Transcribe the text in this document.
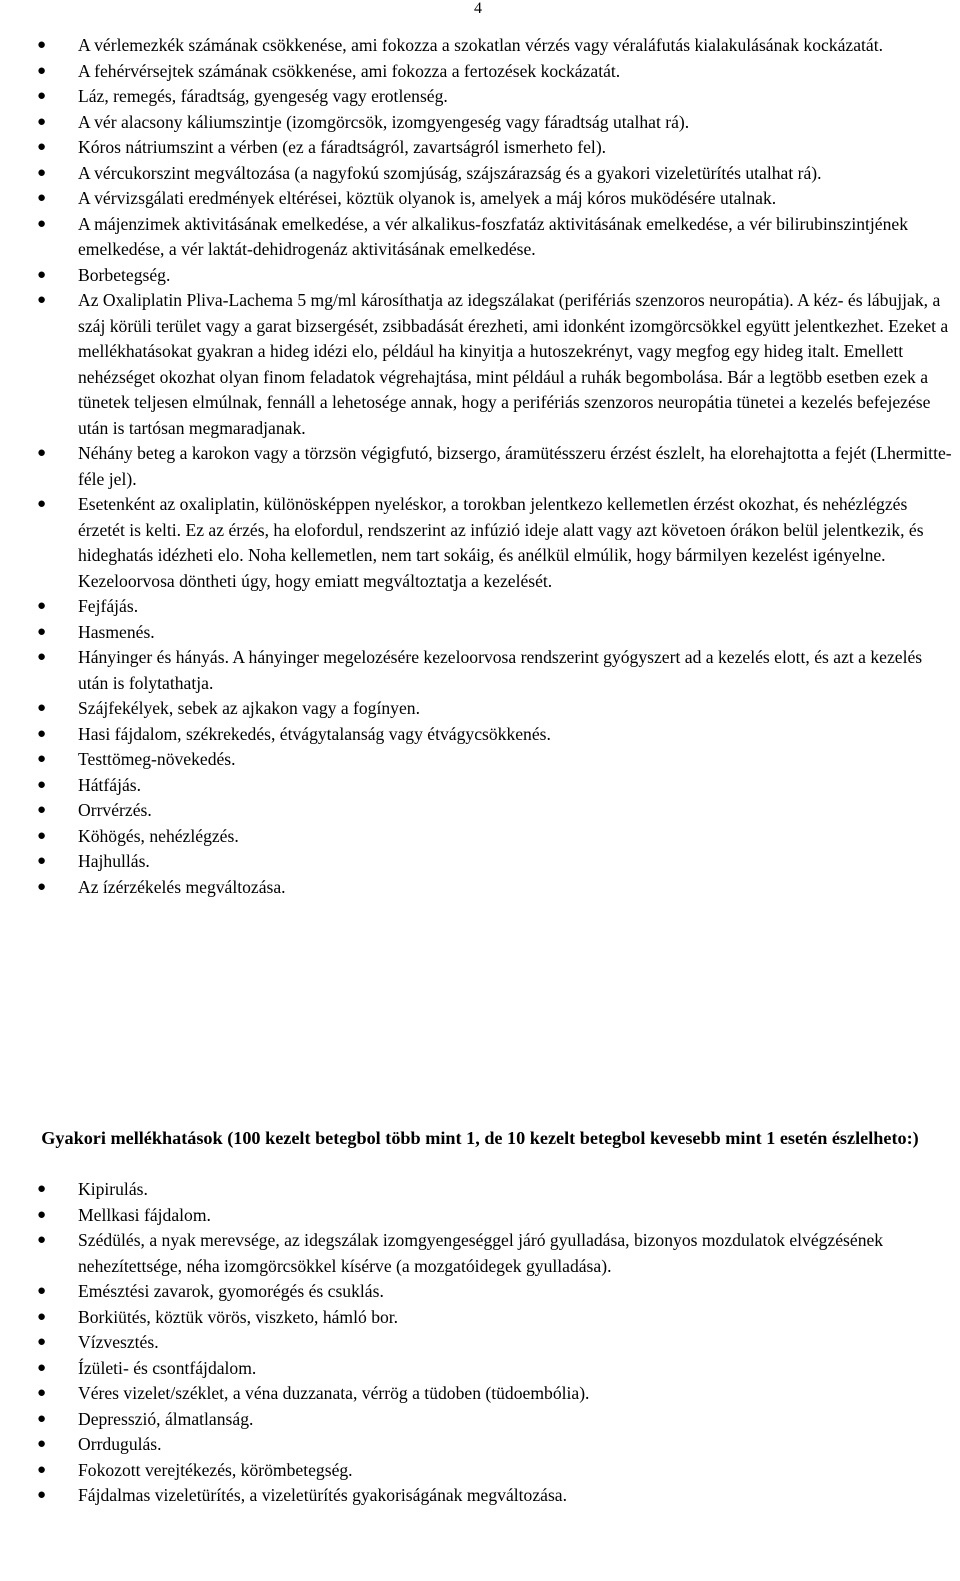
4
● A vérlemezkék számának csökkenése, ami fokozza a szokatlan vérzés vagy véraláfutás kialakulásának kockázatát.
● A fehérvérsejtek számának csökkenése, ami fokozza a fertozések kockázatát.
● Láz, remegés, fáradtság, gyengeség vagy erotlenség.
● A vér alacsony káliumszintje (izomgörcsök, izomgyengeség vagy fáradtság utalhat rá).
● Kóros nátriumszint a vérben (ez a fáradtságról, zavartságról ismerheto fel).
● A vércukorszint megváltozása (a nagyfokú szomjúság, szájszárazság és a gyakori vizeletürítés utalhat rá).
● A vérvizsgálati eredmények eltérései, köztük olyanok is, amelyek a máj kóros muködésére utalnak.
● A májenzimek aktivitásának emelkedése, a vér alkalikus-foszfatáz aktivitásának emelkedése, a vér bilirubinszintjének emelkedése, a vér laktát-dehidrogenáz aktivitásának emelkedése.
● Borbetegség.
● Az Oxaliplatin Pliva-Lachema 5 mg/ml károsíthatja az idegszálakat (perifériás szenzoros neuropátia). A kéz- és lábujjak, a száj körüli terület vagy a garat bizsergését, zsibbadását érezheti, ami idonként izomgörcsökkel együtt jelentkezhet. Ezeket a mellékhatásokat gyakran a hideg idézi elo, például ha kinyitja a hutoszekrényt, vagy megfog egy hideg italt. Emellett nehézséget okozhat olyan finom feladatok végrehajtása, mint például a ruhák begombolása. Bár a legtöbb esetben ezek a tünetek teljesen elmúlnak, fennáll a lehetosége annak, hogy a perifériás szenzoros neuropátia tünetei a kezelés befejezése után is tartósan megmaradjanak.
● Néhány beteg a karokon vagy a törzsön végigfutó, bizsergo, áramütésszeru érzést észlelt, ha elorehajtotta a fejét (Lhermitte-féle jel).
● Esetenként az oxaliplatin, különösképpen nyeléskor, a torokban jelentkezo kellemetlen érzést okozhat, és nehézlégzés érzetét is kelti. Ez az érzés, ha elofordul, rendszerint az infúzió ideje alatt vagy azt követoen órákon belül jelentkezik, és hideghatás idézheti elo. Noha kellemetlen, nem tart sokáig, és anélkül elmúlik, hogy bármilyen kezelést igényelne. Kezeloorvosa döntheti úgy, hogy emiatt megváltoztatja a kezelését.
● Fejfájás.
● Hasmenés.
● Hányinger és hányás. A hányinger megelozésére kezeloorvosa rendszerint gyógyszert ad a kezelés elott, és azt a kezelés után is folytathatja.
● Szájfekélyek, sebek az ajkakon vagy a fogínyen.
● Hasi fájdalom, székrekedés, étvágytalanság vagy étvágycsökkenés.
● Testtömeg-növekedés.
● Hátfájás.
● Orrvérzés.
● Köhögés, nehézlégzés.
● Hajhullás.
● Az ízérzékelés megváltozása.
Gyakori mellékhatások (100 kezelt betegbol több mint 1, de 10 kezelt betegbol kevesebb mint 1 esetén észlelheto:)
● Kipirulás.
● Mellkasi fájdalom.
● Szédülés, a nyak merevsége, az idegszálak izomgyengeséggel járó gyulladása, bizonyos mozdulatok elvégzésének nehezítettsége, néha izomgörcsökkel kísérve (a mozgatóidegek gyulladása).
● Emésztési zavarok, gyomorégés és csuklás.
● Borkiütés, köztük vörös, viszketo, hámló bor.
● Vízvesztés.
● Ízületi- és csontfájdalom.
● Véres vizelet/széklet, a véna duzzanata, vérrög a tüdoben (tüdoembólia).
● Depresszió, álmatlanság.
● Orrdugulás.
● Fokozott verejtékezés, körömbetegség.
● Fájdalmas vizeletürítés, a vizeletürítés gyakoriságának megváltozása.
